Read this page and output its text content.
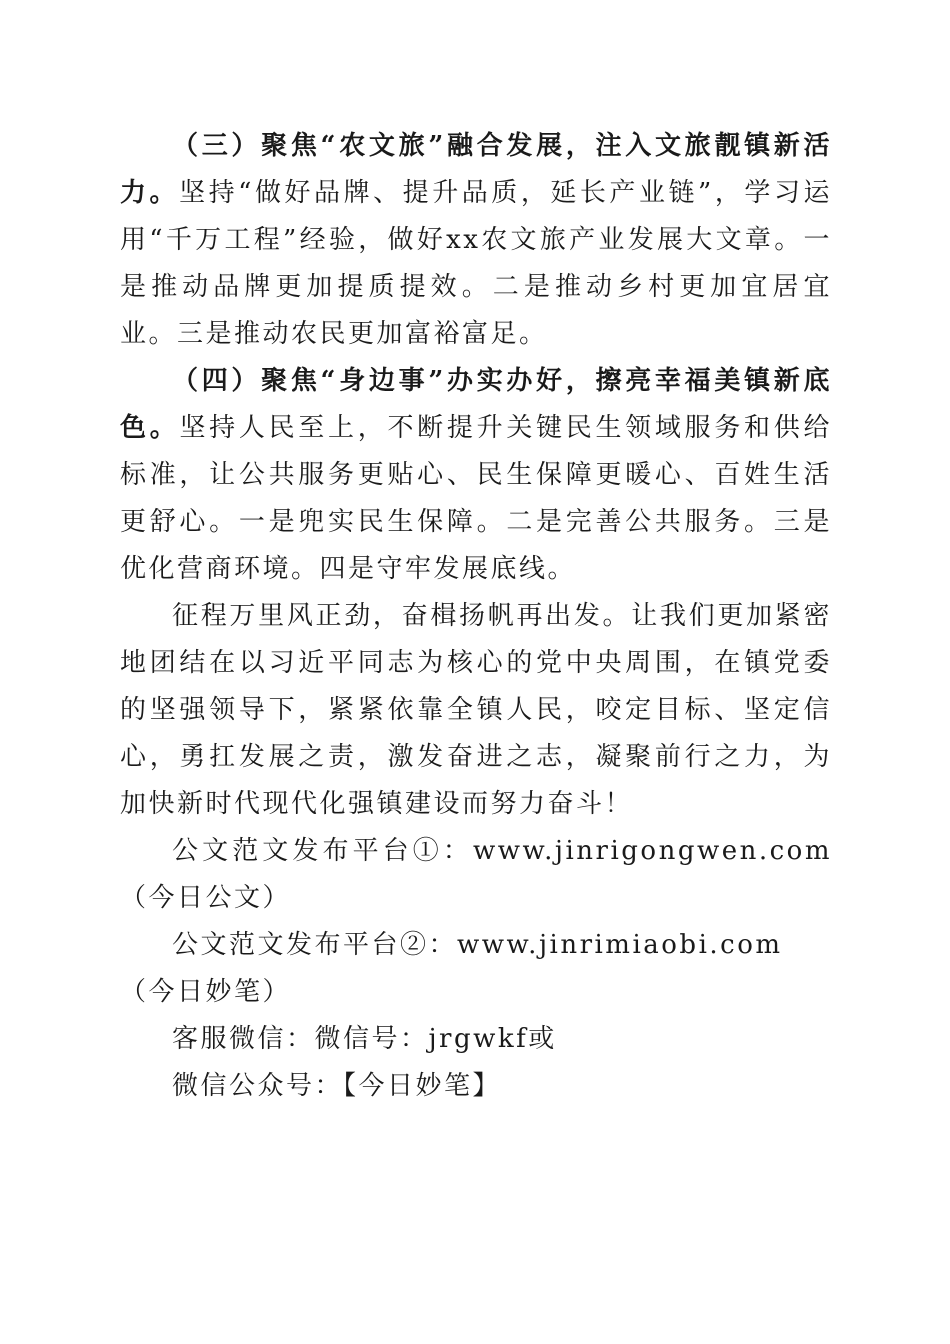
（三）聚焦“农文旅”融合发展，注入文旅靓镇新活力。坚持“做好品牌、提升品质，延长产业链”，学习运用“千万工程”经验，做好xx农文旅产业发展大文章。一是推动品牌更加提质提效。二是推动乡村更加宜居宜业。三是推动农民更加富裕富足。

（四）聚焦“身边事”办实办好，擦亮幸福美镇新底色。坚持人民至上，不断提升关键民生领域服务和供给标准，让公共服务更贴心、民生保障更暖心、百姓生活更舒心。一是兜实民生保障。二是完善公共服务。三是优化营商环境。四是守牢发展底线。

征程万里风正劲，奋楫扬帆再出发。让我们更加紧密地团结在以习近平同志为核心的党中央周围，在镇党委的坚强领导下，紧紧依靠全镇人民，咬定目标、坚定信心，勇扛发展之责，激发奋进之志，凝聚前行之力，为加快新时代现代化强镇建设而努力奋斗！

公文范文发布平台①：www.jinrigongwen.com（今日公文）

公文范文发布平台②：www.jinrimiaobi.com（今日妙笔）

客服微信：微信号：jrgwkf或

微信公众号：【今日妙笔】
